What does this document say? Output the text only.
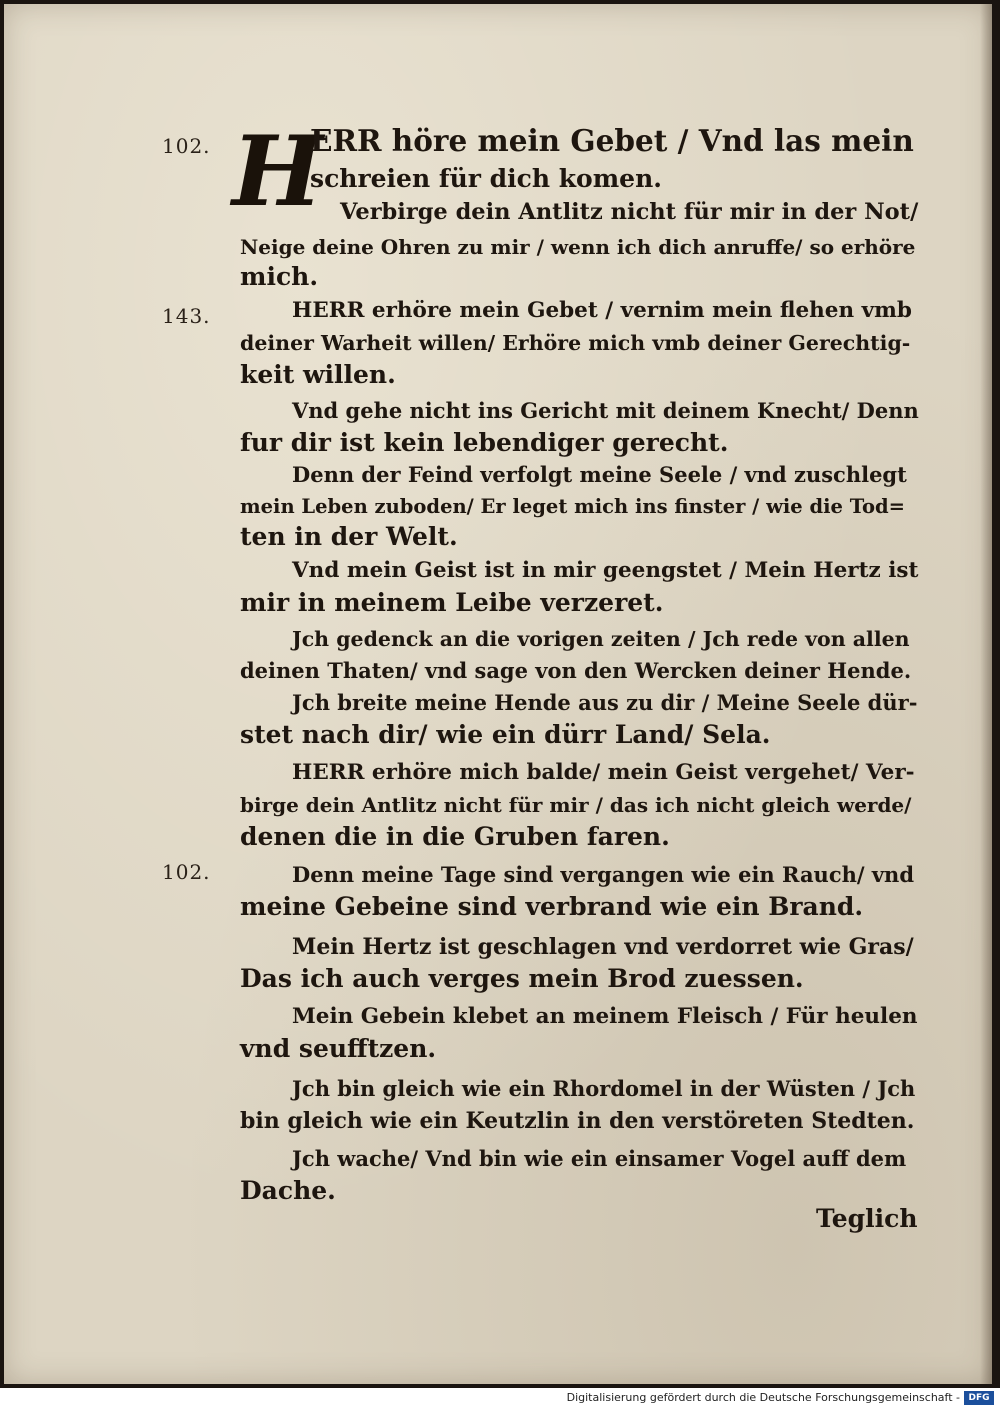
102.
143.
102.
H
ERR höre mein Gebet / Vnd las mein
schreien für dich komen.
Verbirge dein Antlitz nicht für mir in der Not/
Neige deine Ohren zu mir / wenn ich dich anruffe/ so erhöre
mich.
HERR erhöre mein Gebet / vernim mein flehen vmb
deiner Warheit willen/ Erhöre mich vmb deiner Gerechtig-
keit willen.
Vnd gehe nicht ins Gericht mit deinem Knecht/ Denn
fur dir ist kein lebendiger gerecht.
Denn der Feind verfolgt meine Seele / vnd zuschlegt
mein Leben zuboden/ Er leget mich ins finster / wie die Tod=
ten in der Welt.
Vnd mein Geist ist in mir geengstet / Mein Hertz ist
mir in meinem Leibe verzeret.
Jch gedenck an die vorigen zeiten / Jch rede von allen
deinen Thaten/ vnd sage von den Wercken deiner Hende.
Jch breite meine Hende aus zu dir / Meine Seele dür-
stet nach dir/ wie ein dürr Land/ Sela.
HERR erhöre mich balde/ mein Geist vergehet/ Ver-
birge dein Antlitz nicht für mir / das ich nicht gleich werde/
denen die in die Gruben faren.
Denn meine Tage sind vergangen wie ein Rauch/ vnd
meine Gebeine sind verbrand wie ein Brand.
Mein Hertz ist geschlagen vnd verdorret wie Gras/
Das ich auch verges mein Brod zuessen.
Mein Gebein klebet an meinem Fleisch / Für heulen
vnd seufftzen.
Jch bin gleich wie ein Rhordomel in der Wüsten / Jch
bin gleich wie ein Keutzlin in den verstöreten Stedten.
Jch wache/ Vnd bin wie ein einsamer Vogel auff dem
Dache.
Teglich
Digitalisierung gefördert durch die Deutsche Forschungsgemeinschaft - DFG
